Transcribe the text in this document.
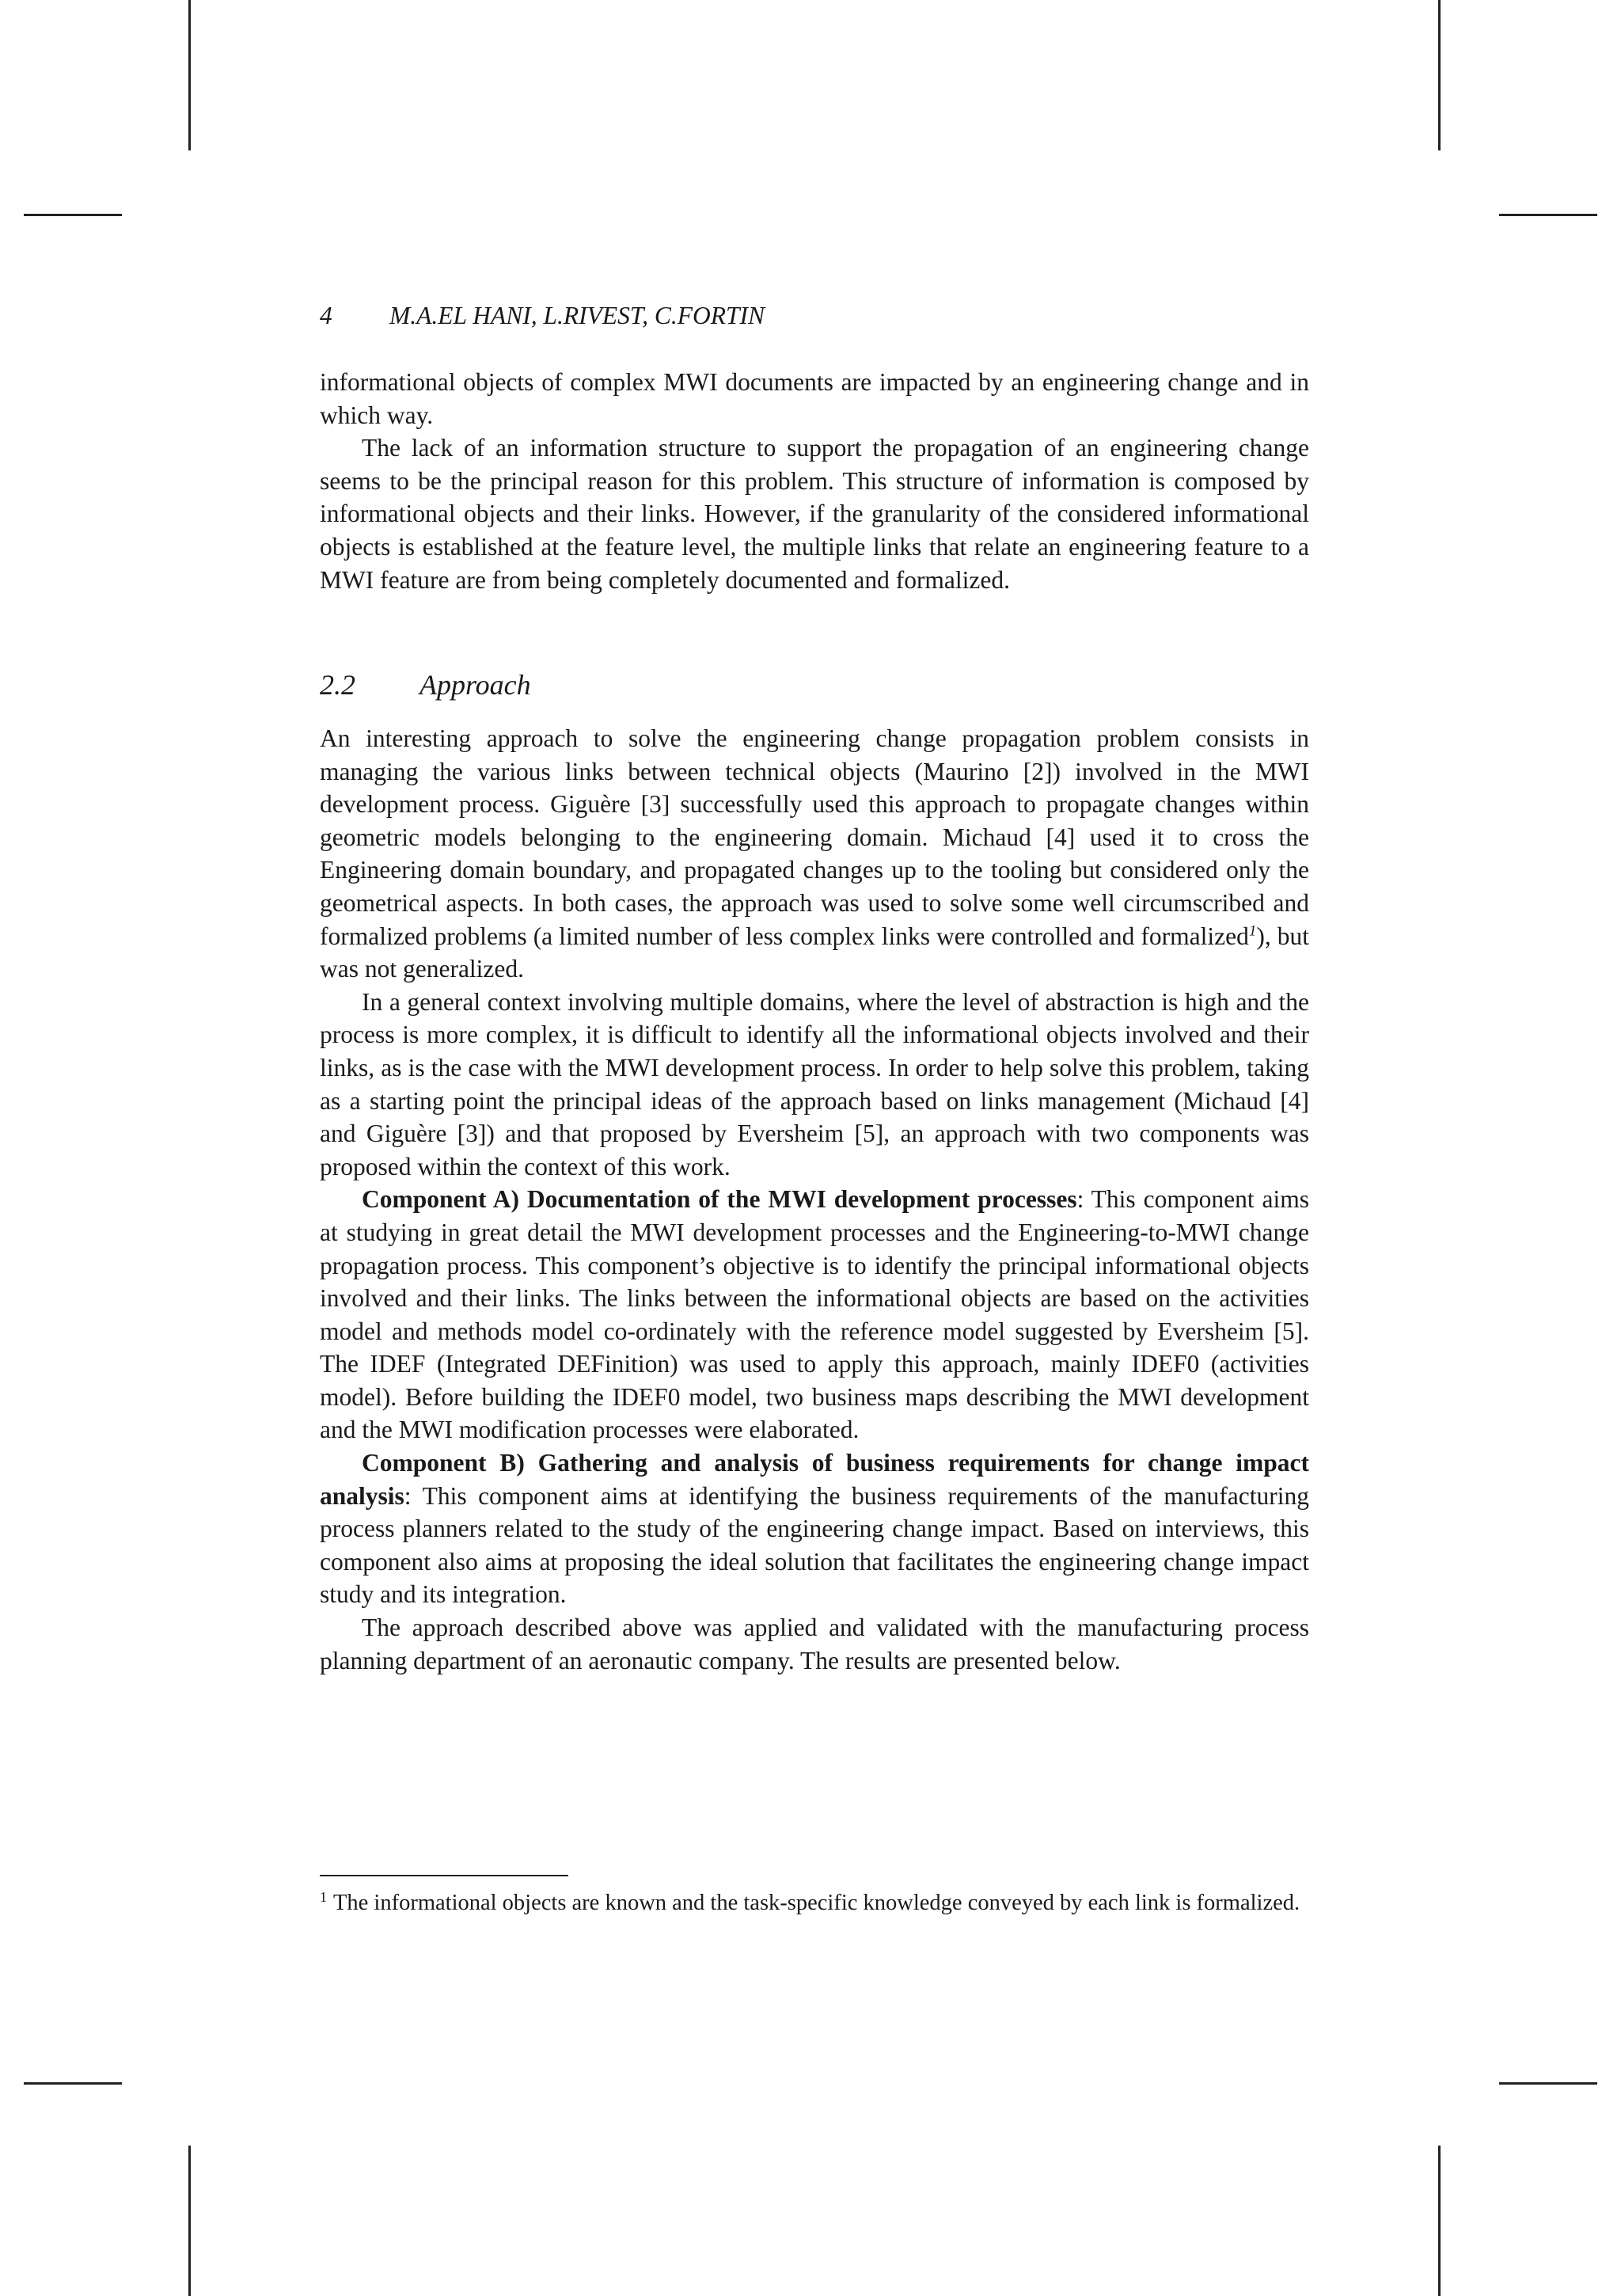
4 M.A.EL HANI, L.RIVEST, C.FORTIN

informational objects of complex MWI documents are impacted by an engineering change and in which way.

The lack of an information structure to support the propagation of an engineering change seems to be the principal reason for this problem. This structure of information is composed by informational objects and their links. However, if the granularity of the considered informational objects is established at the feature level, the multiple links that relate an engineering feature to a MWI feature are from being completely documented and formalized.

2.2 Approach

An interesting approach to solve the engineering change propagation problem consists in managing the various links between technical objects (Maurino [2]) involved in the MWI development process. Giguère [3] successfully used this approach to propagate changes within geometric models belonging to the engineering domain. Michaud [4] used it to cross the Engineering domain boundary, and propagated changes up to the tooling but considered only the geometrical aspects. In both cases, the approach was used to solve some well circumscribed and formalized problems (a limited number of less complex links were controlled and formalized$^1$), but was not generalized.

In a general context involving multiple domains, where the level of abstraction is high and the process is more complex, it is difficult to identify all the informational objects involved and their links, as is the case with the MWI development process. In order to help solve this problem, taking as a starting point the principal ideas of the approach based on links management (Michaud [4] and Giguère [3]) and that proposed by Eversheim [5], an approach with two components was proposed within the context of this work.

Component A) Documentation of the MWI development processes: This component aims at studying in great detail the MWI development processes and the Engineering-to-MWI change propagation process. This component’s objective is to identify the principal informational objects involved and their links. The links between the informational objects are based on the activities model and methods model co-ordinately with the reference model suggested by Eversheim [5]. The IDEF (Integrated DEFinition) was used to apply this approach, mainly IDEF0 (activities model). Before building the IDEF0 model, two business maps describing the MWI development and the MWI modification processes were elaborated.

Component B) Gathering and analysis of business requirements for change impact analysis: This component aims at identifying the business requirements of the manufacturing process planners related to the study of the engineering change impact. Based on interviews, this component also aims at proposing the ideal solution that facilitates the engineering change impact study and its integration.

The approach described above was applied and validated with the manufacturing process planning department of an aeronautic company. The results are presented below.

$^1$ The informational objects are known and the task-specific knowledge conveyed by each link is formalized.
